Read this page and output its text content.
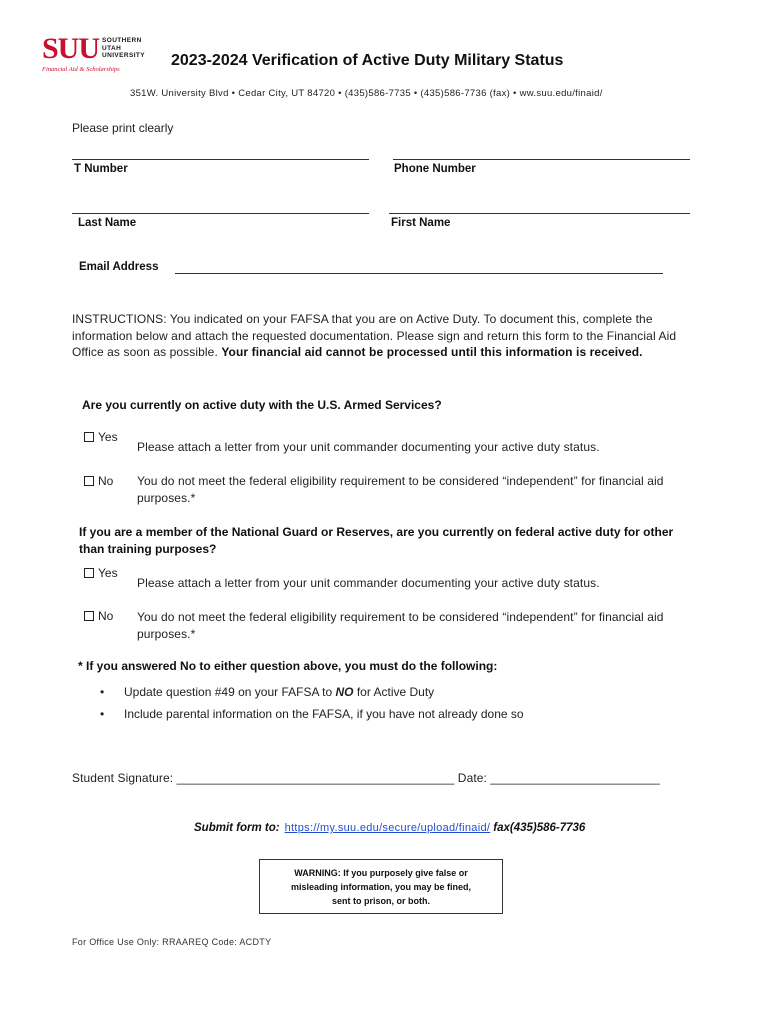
SUU SOUTHERN
UTAH
UNIVERSITY
Financial Aid & Scholarships
2023-2024 Verification of Active Duty Military Status
351W. University Blvd • Cedar City, UT 84720 • (435)586-7735 • (435)586-7736 (fax) • ww.suu.edu/finaid/
Please print clearly
T Number	Phone Number
Last Name	First Name
Email Address
INSTRUCTIONS: You indicated on your FAFSA that you are on Active Duty. To document this, complete the information below and attach the requested documentation. Please sign and return this form to the Financial Aid Office as soon as possible. Your financial aid cannot be processed until this information is received.
Are you currently on active duty with the U.S. Armed Services?
Yes
Please attach a letter from your unit commander documenting your active duty status.
No You do not meet the federal eligibility requirement to be considered “independent” for financial aid purposes.*
If you are a member of the National Guard or Reserves, are you currently on federal active duty for other than training purposes?
Yes
Please attach a letter from your unit commander documenting your active duty status.
No You do not meet the federal eligibility requirement to be considered “independent” for financial aid purposes.*
* If you answered No to either question above, you must do the following:
•	Update question #49 on your FAFSA to NO for Active Duty
•	Include parental information on the FAFSA, if you have not already done so
Student Signature: _________________________________________ Date: _________________________
Submit form to: https://my.suu.edu/secure/upload/finaid/ fax(435)586-7736
WARNING: If you purposely give false or
misleading information, you may be fined,
sent to prison, or both.
For Office Use Only: RRAAREQ Code: ACDTY
